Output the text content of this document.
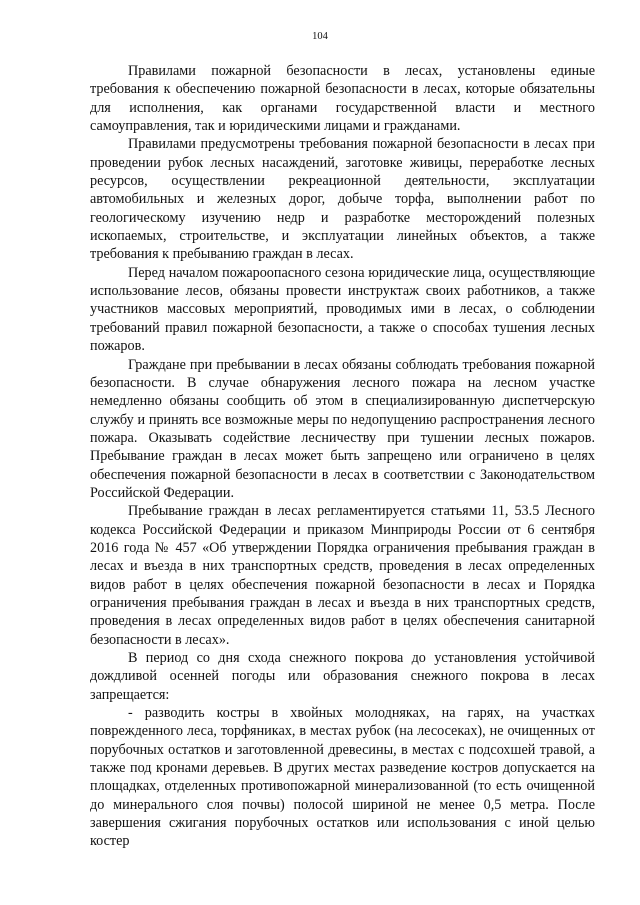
104

Правилами пожарной безопасности в лесах, установлены единые требования к обеспечению пожарной безопасности в лесах, которые обязательны для исполнения, как органами государственной власти и местного самоуправления, так и юридическими лицами и гражданами.

Правилами предусмотрены требования пожарной безопасности в лесах при проведении рубок лесных насаждений, заготовке живицы, переработке лесных ресурсов, осуществлении рекреационной деятельности, эксплуатации автомобильных и железных дорог, добыче торфа, выполнении работ по геологическому изучению недр и разработке месторождений полезных ископаемых, строительстве, и эксплуатации линейных объектов, а также требования к пребыванию граждан в лесах.

Перед началом пожароопасного сезона юридические лица, осуществляющие использование лесов, обязаны провести инструктаж своих работников, а также участников массовых мероприятий, проводимых ими в лесах, о соблюдении требований правил пожарной безопасности, а также о способах тушения лесных пожаров.

Граждане при пребывании в лесах обязаны соблюдать требования пожарной безопасности. В случае обнаружения лесного пожара на лесном участке немедленно обязаны сообщить об этом в специализированную диспетчерскую службу и принять все возможные меры по недопущению распространения лесного пожара. Оказывать содействие лесничеству при тушении лесных пожаров. Пребывание граждан в лесах может быть запрещено или ограничено в целях обеспечения пожарной безопасности в лесах в соответствии с Законодательством Российской Федерации.

Пребывание граждан в лесах регламентируется статьями 11, 53.5 Лесного кодекса Российской Федерации и приказом Минприроды России от 6 сентября 2016 года № 457 «Об утверждении Порядка ограничения пребывания граждан в лесах и въезда в них транспортных средств, проведения в лесах определенных видов работ в целях обеспечения пожарной безопасности в лесах и Порядка ограничения пребывания граждан в лесах и въезда в них транспортных средств, проведения в лесах определенных видов работ в целях обеспечения санитарной безопасности в лесах».

В период со дня схода снежного покрова до установления устойчивой дождливой осенней погоды или образования снежного покрова в лесах запрещается:

- разводить костры в хвойных молодняках, на гарях, на участках поврежденного леса, торфяниках, в местах рубок (на лесосеках), не очищенных от порубочных остатков и заготовленной древесины, в местах с подсохшей травой, а также под кронами деревьев. В других местах разведение костров допускается на площадках, отделенных противопожарной минерализованной (то есть очищенной до минерального слоя почвы) полосой шириной не менее 0,5 метра. После завершения сжигания порубочных остатков или использования с иной целью костер
